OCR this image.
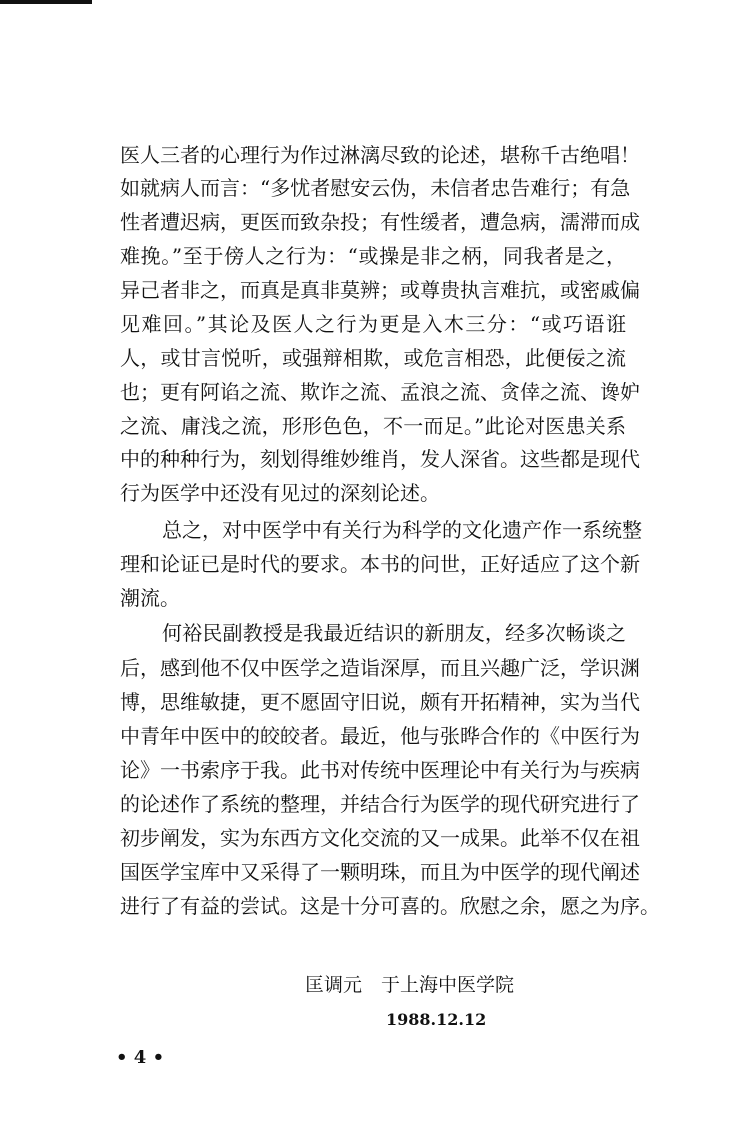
医人三者的心理行为作过淋漓尽致的论述，堪称千古绝唱！
如就病人而言：“多忧者慰安云伪，未信者忠告难行；有急
性者遭迟病，更医而致杂投；有性缓者，遭急病，濡滞而成
难挽。”至于傍人之行为：“或操是非之柄，同我者是之，
异己者非之，而真是真非莫辨；或尊贵执言难抗，或密戚偏
见难回。”其论及医人之行为更是入木三分：“或巧语诳
人，或甘言悦听，或强辩相欺，或危言相恐，此便佞之流
也；更有阿谄之流、欺诈之流、孟浪之流、贪倖之流、谗妒
之流、庸浅之流，形形色色，不一而足。”此论对医患关系
中的种种行为，刻划得维妙维肖，发人深省。这些都是现代
行为医学中还没有见过的深刻论述。
总之，对中医学中有关行为科学的文化遗产作一系统整
理和论证已是时代的要求。本书的问世，正好适应了这个新
潮流。
何裕民副教授是我最近结识的新朋友，经多次畅谈之
后，感到他不仅中医学之造诣深厚，而且兴趣广泛，学识渊
博，思维敏捷，更不愿固守旧说，颇有开拓精神，实为当代
中青年中医中的皎皎者。最近，他与张晔合作的《中医行为
论》一书索序于我。此书对传统中医理论中有关行为与疾病
的论述作了系统的整理，并结合行为医学的现代研究进行了
初步阐发，实为东西方文化交流的又一成果。此举不仅在祖
国医学宝库中又采得了一颗明珠，而且为中医学的现代阐述
进行了有益的尝试。这是十分可喜的。欣慰之余，愿之为序。
匡调元　于上海中医学院
1988.12.12
• 4 •
